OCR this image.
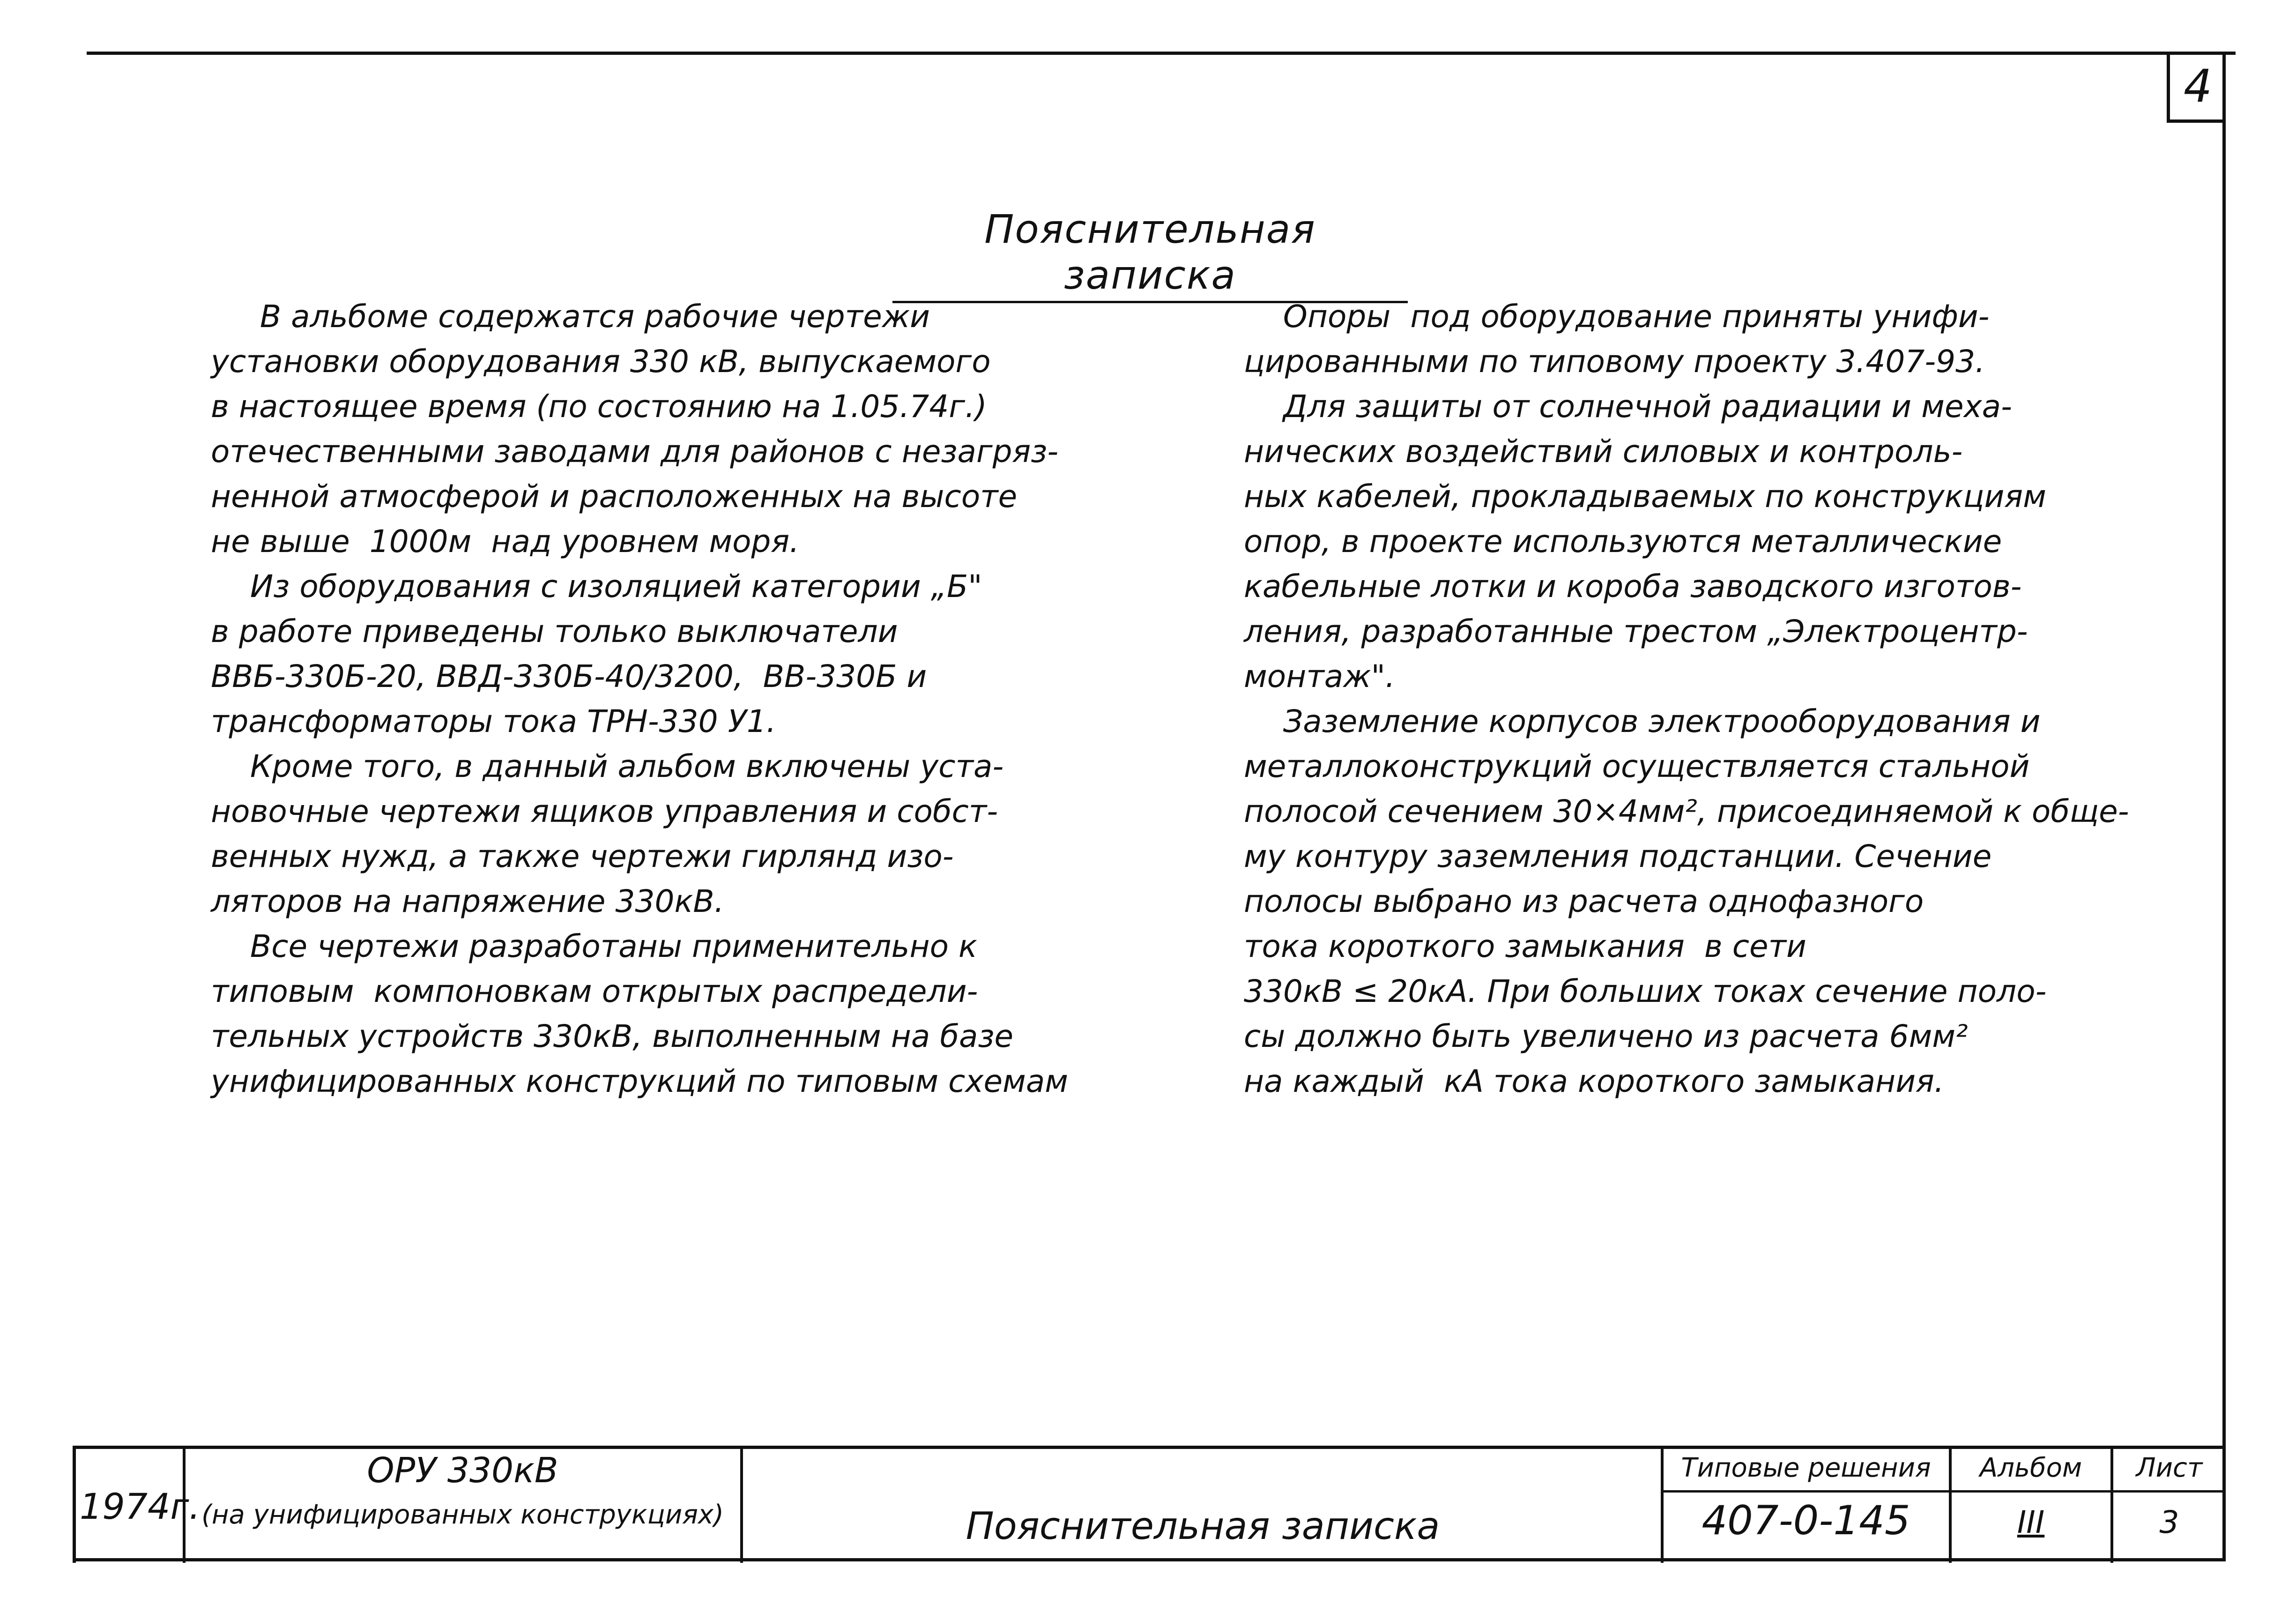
4
Пояснительная записка
В альбоме содержатся рабочие чертежи
установки оборудования 330 кВ, выпускаемого
в настоящее время (по состоянию на 1.05.74г.)
отечественными заводами для районов с незагряз-
ненной атмосферой и расположенных на высоте
не выше  1000м  над уровнем моря.
Из оборудования с изоляцией категории „Б"
в работе приведены только выключатели
ВВБ-330Б-20, ВВД-330Б-40/3200,  ВВ-330Б и
трансформаторы тока ТРН-330 У1.
Кроме того, в данный альбом включены уста-
новочные чертежи ящиков управления и собст-
венных нужд, а также чертежи гирлянд изо-
ляторов на напряжение 330кВ.
Все чертежи разработаны применительно к
типовым  компоновкам открытых распредели-
тельных устройств 330кВ, выполненным на базе
унифицированных конструкций по типовым схемам
Опоры  под оборудование приняты унифи-
цированными по типовому проекту 3.407-93.
Для защиты от солнечной радиации и меха-
нических воздействий силовых и контроль-
ных кабелей, прокладываемых по конструкциям
опор, в проекте используются металлические
кабельные лотки и короба заводского изготов-
ления, разработанные трестом „Электроцентр-
монтаж".
Заземление корпусов электрооборудования и
металлоконструкций осуществляется стальной
полосой сечением 30×4мм², присоединяемой к обще-
му контуру заземления подстанции. Сечение
полосы выбрано из расчета однофазного
тока короткого замыкания  в сети
330кВ ≤ 20кА. При больших токах сечение поло-
сы должно быть увеличено из расчета 6мм²
на каждый  кА тока короткого замыкания.
1974г.
ОРУ 330кВ
(на унифицированных конструкциях)	Пояснительная записка
Типовые решения
407-0-145
Альбом
III
Лист
3
